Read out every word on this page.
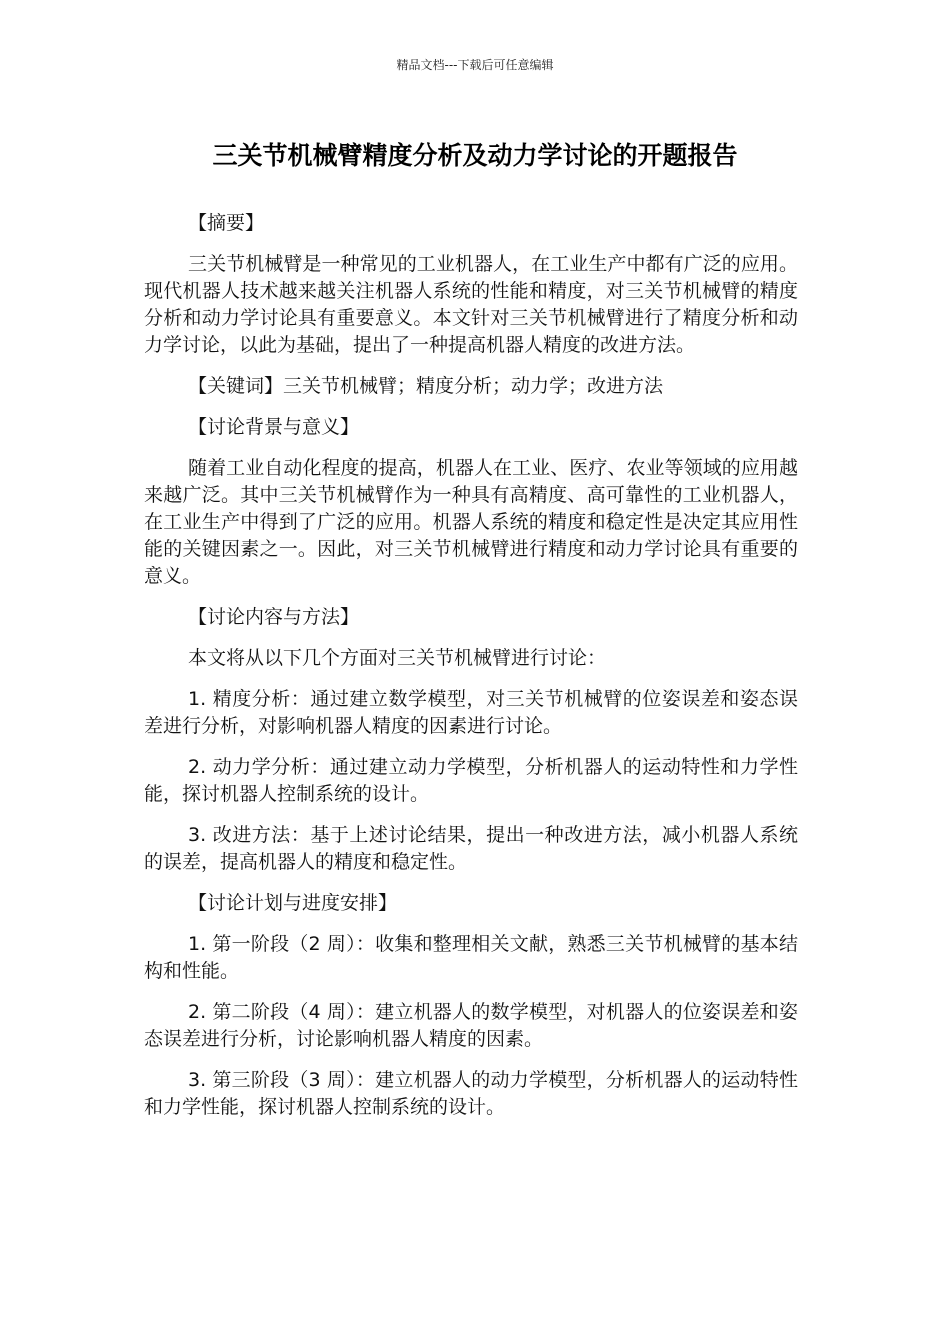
精品文档---下载后可任意编辑
三关节机械臂精度分析及动力学讨论的开题报告

【摘要】

三关节机械臂是一种常见的工业机器人，在工业生产中都有广泛的应用。现代机器人技术越来越关注机器人系统的性能和精度，对三关节机械臂的精度分析和动力学讨论具有重要意义。本文针对三关节机械臂进行了精度分析和动力学讨论，以此为基础，提出了一种提高机器人精度的改进方法。

【关键词】三关节机械臂；精度分析；动力学；改进方法

【讨论背景与意义】

随着工业自动化程度的提高，机器人在工业、医疗、农业等领域的应用越来越广泛。其中三关节机械臂作为一种具有高精度、高可靠性的工业机器人，在工业生产中得到了广泛的应用。机器人系统的精度和稳定性是决定其应用性能的关键因素之一。因此，对三关节机械臂进行精度和动力学讨论具有重要的意义。

【讨论内容与方法】

本文将从以下几个方面对三关节机械臂进行讨论：

1. 精度分析：通过建立数学模型，对三关节机械臂的位姿误差和姿态误差进行分析，对影响机器人精度的因素进行讨论。

2. 动力学分析：通过建立动力学模型，分析机器人的运动特性和力学性能，探讨机器人控制系统的设计。

3. 改进方法：基于上述讨论结果，提出一种改进方法，减小机器人系统的误差，提高机器人的精度和稳定性。

【讨论计划与进度安排】

1. 第一阶段（2 周）：收集和整理相关文献，熟悉三关节机械臂的基本结构和性能。

2. 第二阶段（4 周）：建立机器人的数学模型，对机器人的位姿误差和姿态误差进行分析，讨论影响机器人精度的因素。

3. 第三阶段（3 周）：建立机器人的动力学模型，分析机器人的运动特性和力学性能，探讨机器人控制系统的设计。
